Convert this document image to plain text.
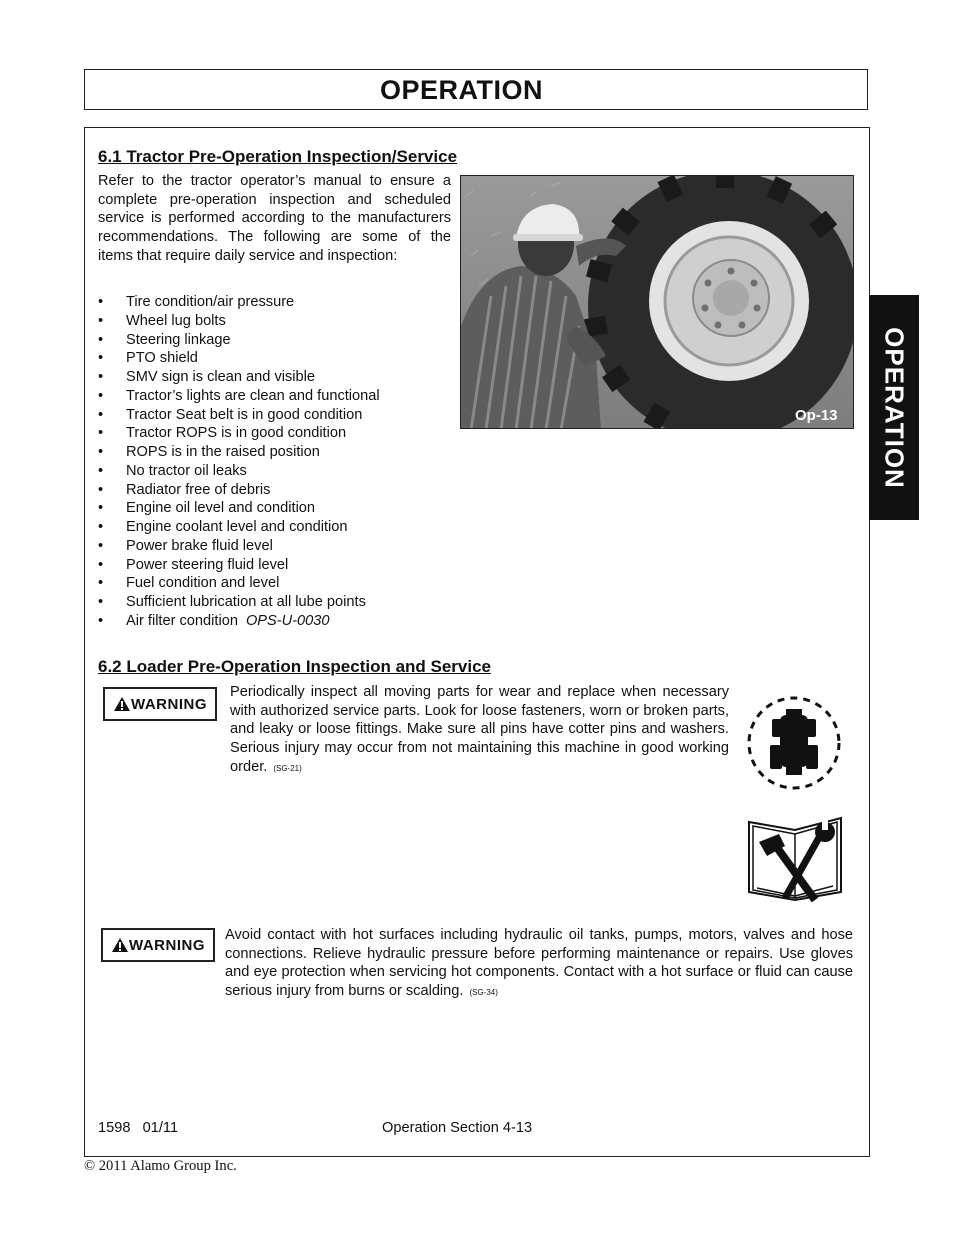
OPERATION
OPERATION
6.1 Tractor Pre-Operation Inspection/Service
Refer to the tractor operator’s manual to ensure a complete pre-operation inspection and scheduled service is performed according to the manufacturers recommendations. The following are some of the items that require daily service and inspection:
• Tire condition/air pressure
• Wheel lug bolts
• Steering linkage
• PTO shield
• SMV sign is clean and visible
• Tractor’s lights are clean and functional
• Tractor Seat belt is in good condition
• Tractor ROPS is in good condition
• ROPS is in the raised position
• No tractor oil leaks
• Radiator free of debris
• Engine oil level and condition
• Engine coolant level and condition
• Power brake fluid level
• Power steering fluid level
• Fuel condition and level
• Sufficient lubrication at all lube points
• Air filter condition OPS-U-0030
Op-13
6.2 Loader Pre-Operation Inspection and Service
WARNING
Periodically inspect all moving parts for wear and replace when necessary with authorized service parts. Look for loose fasteners, worn or broken parts, and leaky or loose fittings. Make sure all pins have cotter pins and washers. Serious injury may occur from not maintaining this machine in good working order. (SG-21)
WARNING
Avoid contact with hot surfaces including hydraulic oil tanks, pumps, motors, valves and hose connections. Relieve hydraulic pressure before performing maintenance or repairs. Use gloves and eye protection when servicing hot components. Contact with a hot surface or fluid can cause serious injury from burns or scalding. (SG-34)
1598   01/11	Operation Section 4-13
© 2011 Alamo Group Inc.
